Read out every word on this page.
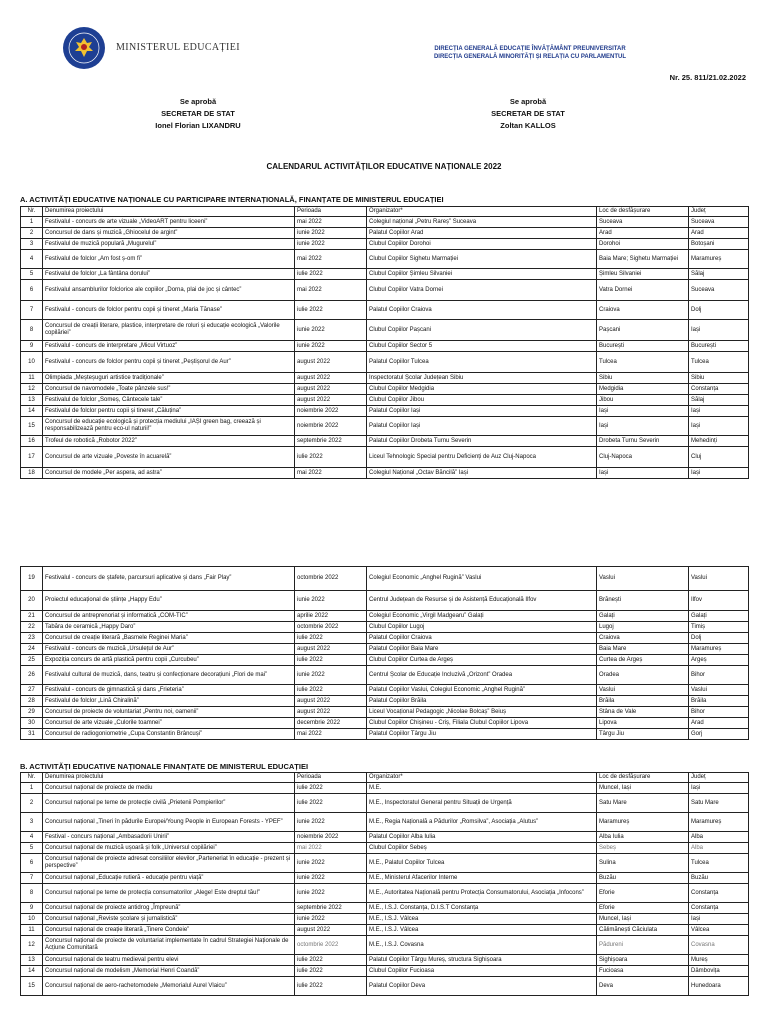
MINISTERUL EDUCAȚIEI	DIRECȚIA GENERALĂ EDUCAȚIE ÎNVĂȚĂMÂNT PREUNIVERSITAR
DIRECȚIA GENERALĂ MINORITĂȚI ȘI RELAȚIA CU PARLAMENTUL
Nr. 25. 811/21.02.2022
Se aprobă
SECRETAR DE STAT
Ionel Florian LIXANDRU
Se aprobă
SECRETAR DE STAT
Zoltan KALLOS
CALENDARUL ACTIVITĂȚILOR EDUCATIVE NAȚIONALE 2022
A. ACTIVITĂȚI EDUCATIVE NAȚIONALE CU PARTICIPARE INTERNAȚIONALĂ, FINANȚATE DE MINISTERUL EDUCAȚIEI
Nr.	Denumirea proiectului	Perioada	Organizator*	Loc de desfășurare	Județ
1	Festivalul - concurs de arte vizuale „VideoART pentru liceeni”	mai 2022	Colegiul național „Petru Rareș” Suceava	Suceava	Suceava
2	Concursul de dans și muzică „Ghiocelul de argint”	iunie 2022	Palatul Copiilor Arad	Arad	Arad
3	Festivalul de muzică populară „Mugurelul”	iunie 2022	Clubul Copiilor Dorohoi	Dorohoi	Botoșani
4	Festivalul de folclor „Am fost ș-om fi”	mai 2022	Clubul Copiilor Sighetu Marmației	Baia Mare; Sighetu Marmației	Maramureș
5	Festivalul de folclor „La fântâna dorului”	iulie 2022	Clubul Copiilor Șimleu Silvaniei	Șimleu Silvaniei	Sălaj
6	Festivalul ansamblurilor folclorice ale copiilor „Dorna, plai de joc și cântec”	mai 2022	Clubul Copiilor Vatra Dornei	Vatra Dornei	Suceava
7	Festivalul - concurs de folclor pentru copii și tineret „Maria Tănase”	iulie 2022	Palatul Copiilor Craiova	Craiova	Dolj
8	Concursul de creații literare, plastice, interpretare de roluri și educație ecologică „Valorile copilăriei”	iunie 2022	Clubul Copiilor Pașcani	Pașcani	Iași
9	Festivalul - concurs de interpretare „Micul Virtuoz”	iunie 2022	Clubul Copiilor Sector 5	București	București
10	Festivalul - concurs de folclor pentru copii și tineret „Peștișorul de Aur”	august 2022	Palatul Copiilor Tulcea	Tulcea	Tulcea
11	Olimpiada „Meșteșuguri artistice tradiționale”	august 2022	Inspectoratul Școlar Județean Sibiu	Sibiu	Sibiu
12	Concursul de navomodele „Toate pânzele sus!”	august 2022	Clubul Copiilor Medgidia	Medgidia	Constanța
13	Festivalul de folclor „Someș, Cântecele tale”	august 2022	Clubul Copiilor Jibou	Jibou	Sălaj
14	Festivalul de folclor pentru copii și tineret „Căluțina”	noiembrie 2022	Palatul Copiilor Iași	Iași	Iași
15	Concursul de educație ecologică și protecția mediului „IAȘI green bag, creează și responsabilizează pentru eco-ul naturii!”	noiembrie 2022	Palatul Copiilor Iași	Iași	Iași
16	Trofeul de robotică „Robotor 2022”	septembrie 2022	Palatul Copiilor Drobeta Turnu Severin	Drobeta Turnu Severin	Mehedinți
17	Concursul de arte vizuale „Poveste în acuarelă”	iulie 2022	Liceul Tehnologic Special pentru Deficienți de Auz Cluj-Napoca	Cluj-Napoca	Cluj
18	Concursul de modele „Per aspera, ad astra”	mai 2022	Colegiul Național „Octav Băncilă” Iași	Iași	Iași
19	Festivalul - concurs de ștafete, parcursuri aplicative și dans „Fair Play”	octombrie 2022	Colegiul Economic „Anghel Rugină” Vaslui	Vaslui	Vaslui
20	Proiectul educațional de științe „Happy Edu”	iunie 2022	Centrul Județean de Resurse și de Asistență Educațională Ilfov	Brănești	Ilfov
21	Concursul de antreprenoriat și informatică „COM-TIC”	aprilie 2022	Colegiul Economic „Virgil Madgearu” Galați	Galați	Galați
22	Tabăra de ceramică „Happy Daro”	octombrie 2022	Clubul Copiilor Lugoj	Lugoj	Timiș
23	Concursul de creație literară „Basmele Reginei Maria”	iulie 2022	Palatul Copiilor Craiova	Craiova	Dolj
24	Festivalul - concurs de muzică „Ursulețul de Aur”	august 2022	Palatul Copiilor Baia Mare	Baia Mare	Maramureș
25	Expoziția concurs de artă plastică pentru copii „Curcubeu”	iulie 2022	Clubul Copiilor Curtea de Argeș	Curtea de Argeș	Argeș
26	Festivalul cultural de muzică, dans, teatru și confecționare decorațiuni „Flori de mai”	iunie 2022	Centrul Școlar de Educație Incluzivă „Orizont” Oradea	Oradea	Bihor
27	Festivalul - concurs de gimnastică și dans „Frieteria”	iulie 2022	Palatul Copiilor Vaslui, Colegiul Economic „Anghel Rugină”	Vaslui	Vaslui
28	Festivalul de folclor „Lină Chiralină”	august 2022	Palatul Copiilor Brăila	Brăila	Brăila
29	Concursul de proiecte de voluntariat „Pentru noi, oamenii”	august 2022	Liceul Vocațional Pedagogic „Nicolae Bolcaș” Beiuș	Stâna de Vale	Bihor
30	Concursul de arte vizuale „Culorile toamnei”	decembrie 2022	Clubul Copiilor Chișineu - Criș, Filiala Clubul Copiilor Lipova	Lipova	Arad
31	Concursul de radiogoniometrie „Cupa Constantin Brâncuși”	mai 2022	Palatul Copiilor Târgu Jiu	Târgu Jiu	Gorj
B. ACTIVITĂȚI EDUCATIVE NAȚIONALE FINANȚATE DE MINISTERUL EDUCAȚIEI
Nr.	Denumirea proiectului	Perioada	Organizator*	Loc de desfășurare	Județ
1	Concursul național de proiecte de mediu	iulie 2022	M.E.	Muncel, Iași	Iași
2	Concursul național pe teme de protecție civilă „Prietenii Pompierilor”	iulie 2022	M.E., Inspectoratul General pentru Situații de Urgență	Satu Mare	Satu Mare
3	Concursul național „Tineri în pădurile Europei/Young People in European Forests - YPEF”	iunie 2022	M.E., Regia Națională a Pădurilor „Romsilva”, Asociația „Alutus”	Maramureș	Maramureș
4	Festival - concurs național „Ambasadorii Unirii”	noiembrie 2022	Palatul Copiilor Alba Iulia	Alba Iulia	Alba
5	Concursul național de muzică ușoară și folk „Universul copilăriei”	mai 2022	Clubul Copiilor Sebeș	Sebeș	Alba
6	Concursul național de proiecte adresat consiliilor elevilor „Parteneriat în educație - prezent și perspective”	iunie 2022	M.E., Palatul Copiilor Tulcea	Sulina	Tulcea
7	Concursul național „Educație rutieră - educație pentru viață”	iunie 2022	M.E., Ministerul Afacerilor Interne	Buzău	Buzău
8	Concursul național pe teme de protecția consumatorilor „Alege! Este dreptul tău!”	iunie 2022	M.E., Autoritatea Națională pentru Protecția Consumatorului, Asociația „Infocons”	Eforie	Constanța
9	Concursul național de proiecte antidrog „Împreună”	septembrie 2022	M.E., I.S.J. Constanța, D.I.S.T Constanța	Eforie	Constanța
10	Concursul național „Reviste școlare și jurnalistică”	iunie 2022	M.E., I.S.J. Vâlcea	Muncel, Iași	Iași
11	Concursul național de creație literară „Tinere Condeie”	august 2022	M.E., I.S.J. Vâlcea	Călimănești Căciulata	Vâlcea
12	Concursul național de proiecte de voluntariat implementate în cadrul Strategiei Naționale de Acțiune Comunitară	octombrie 2022	M.E., I.S.J. Covasna	Pădureni	Covasna
13	Concursul național de teatru medieval pentru elevi	iulie 2022	Palatul Copiilor Târgu Mureș, structura Sighișoara	Sighișoara	Mureș
14	Concursul național de modelism „Memorial Henri Coandă”	iulie 2022	Clubul Copiilor Fucioasa	Fucioasa	Dâmbovița
15	Concursul național de aero-rachetomodele „Memorialul Aurel Vlaicu”	iulie 2022	Palatul Copiilor Deva	Deva	Hunedoara
